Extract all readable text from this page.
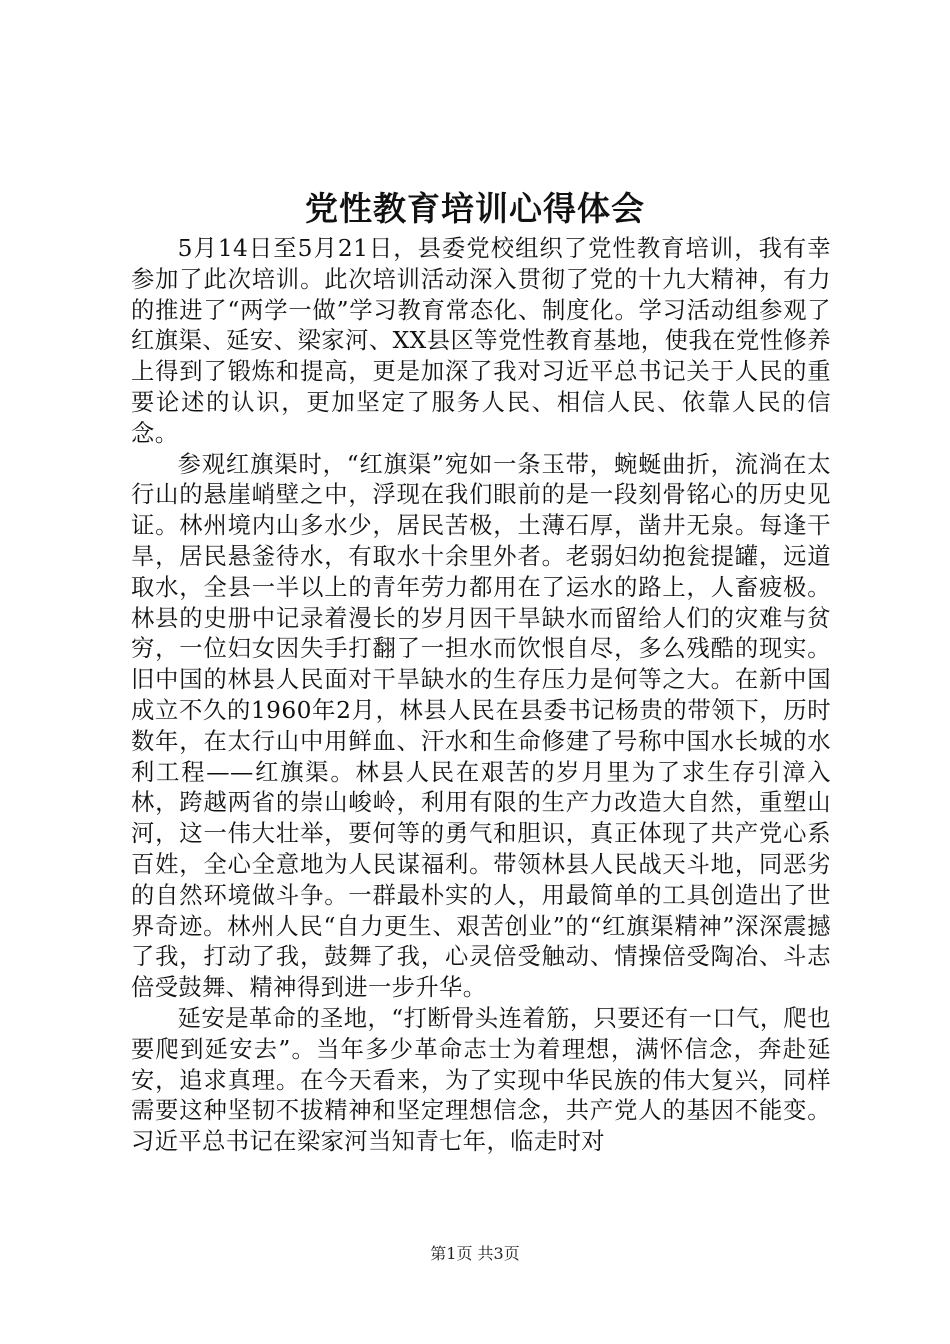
党性教育培训心得体会

5月14日至5月21日，县委党校组织了党性教育培训，我有幸参加了此次培训。此次培训活动深入贯彻了党的十九大精神，有力的推进了“两学一做”学习教育常态化、制度化。学习活动组参观了红旗渠、延安、梁家河、XX县区等党性教育基地，使我在党性修养上得到了锻炼和提高，更是加深了我对习近平总书记关于人民的重要论述的认识，更加坚定了服务人民、相信人民、依靠人民的信念。

参观红旗渠时，“红旗渠”宛如一条玉带，蜿蜒曲折，流淌在太行山的悬崖峭壁之中，浮现在我们眼前的是一段刻骨铭心的历史见证。林州境内山多水少，居民苦极，土薄石厚，凿井无泉。每逢干旱，居民悬釜待水，有取水十余里外者。老弱妇幼抱瓮提罐，远道取水，全县一半以上的青年劳力都用在了运水的路上，人畜疲极。林县的史册中记录着漫长的岁月因干旱缺水而留给人们的灾难与贫穷，一位妇女因失手打翻了一担水而饮恨自尽，多么残酷的现实。旧中国的林县人民面对干旱缺水的生存压力是何等之大。在新中国成立不久的1960年2月，林县人民在县委书记杨贵的带领下，历时数年，在太行山中用鲜血、汗水和生命修建了号称中国水长城的水利工程——红旗渠。林县人民在艰苦的岁月里为了求生存引漳入林，跨越两省的崇山峻岭，利用有限的生产力改造大自然，重塑山河，这一伟大壮举，要何等的勇气和胆识，真正体现了共产党心系百姓，全心全意地为人民谋福利。带领林县人民战天斗地，同恶劣的自然环境做斗争。一群最朴实的人，用最简单的工具创造出了世界奇迹。林州人民“自力更生、艰苦创业”的“红旗渠精神”深深震撼了我，打动了我，鼓舞了我，心灵倍受触动、情操倍受陶冶、斗志倍受鼓舞、精神得到进一步升华。

延安是革命的圣地，“打断骨头连着筋，只要还有一口气，爬也要爬到延安去”。当年多少革命志士为着理想，满怀信念，奔赴延安，追求真理。在今天看来，为了实现中华民族的伟大复兴，同样需要这种坚韧不拔精神和坚定理想信念，共产党人的基因不能变。习近平总书记在梁家河当知青七年，临走时对

第1页 共3页
